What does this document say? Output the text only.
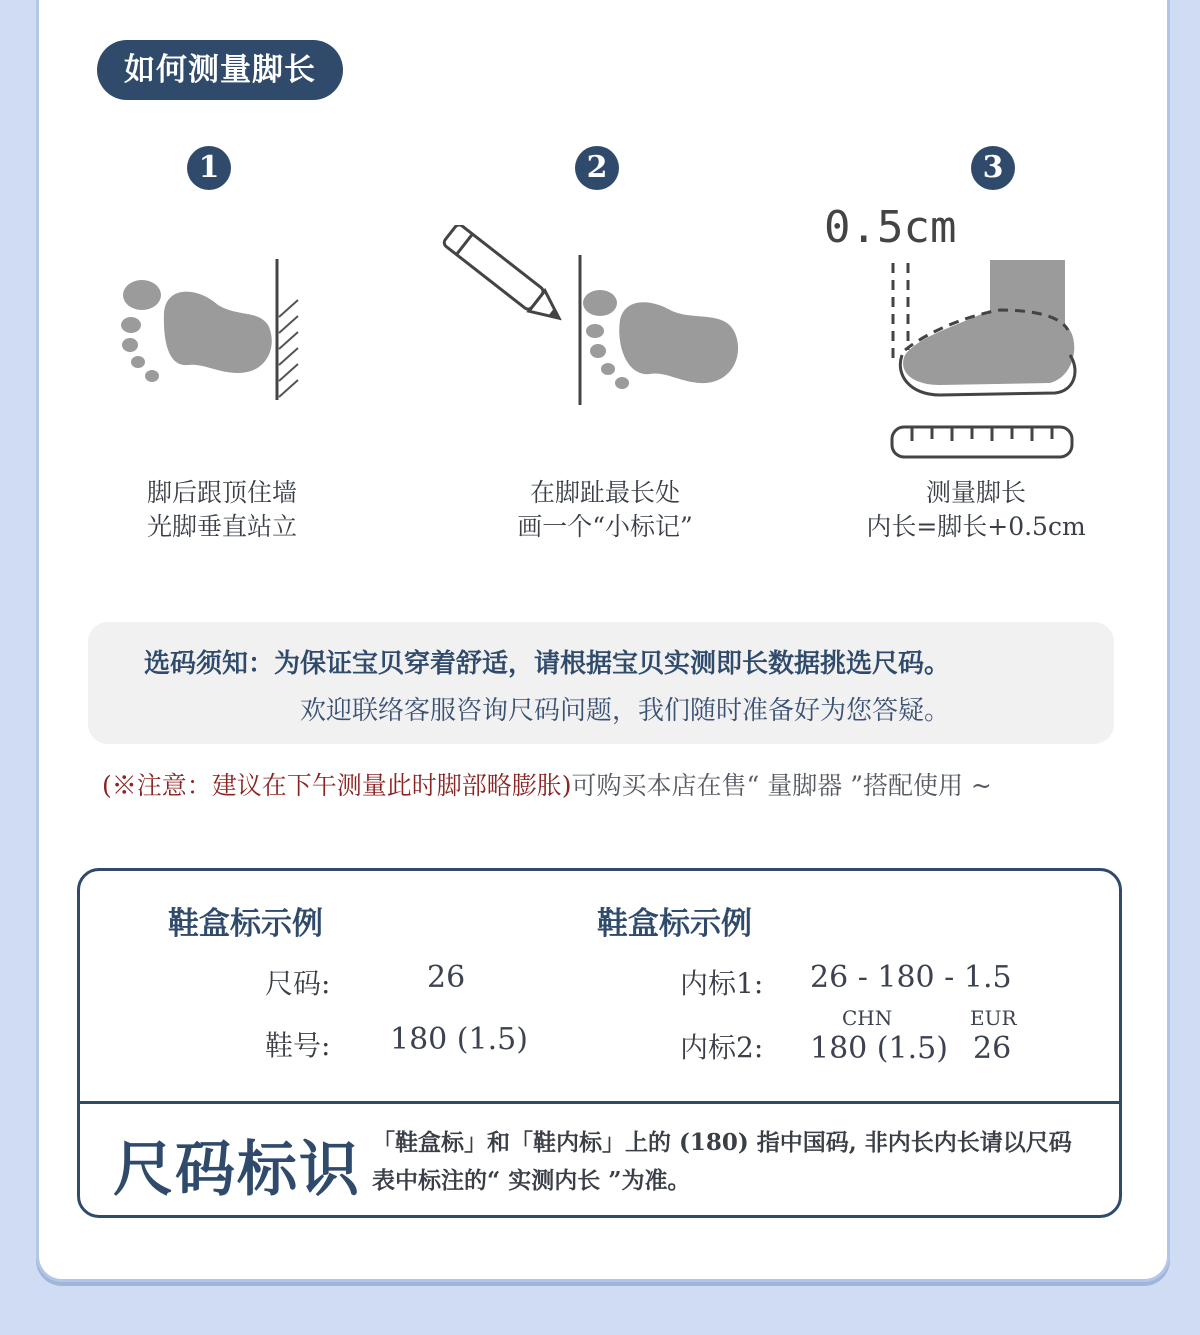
如何测量脚长
1
脚后跟顶住墙
光脚垂直站立
2
在脚趾最长处
画一个“小标记”
3
0.5cm
测量脚长
内长=脚长+0.5cm
选码须知：为保证宝贝穿着舒适，请根据宝贝实测即长数据挑选尺码。
欢迎联络客服咨询尺码问题，我们随时准备好为您答疑。
(※注意：建议在下午测量此时脚部略膨胀)可购买本店在售“ 量脚器 ”搭配使用 ~
鞋盒标示例	鞋盒标示例
尺码:	26
鞋号: 180 (1.5)
内标1: 26 - 180 - 1.5
内标2:
CHN
180 (1.5)
EUR
26
尺码标识 「鞋盒标」和「鞋内标」上的 (180) 指中国码, 非内长内长请以尺码
表中标注的“ 实测内长 ”为准。
